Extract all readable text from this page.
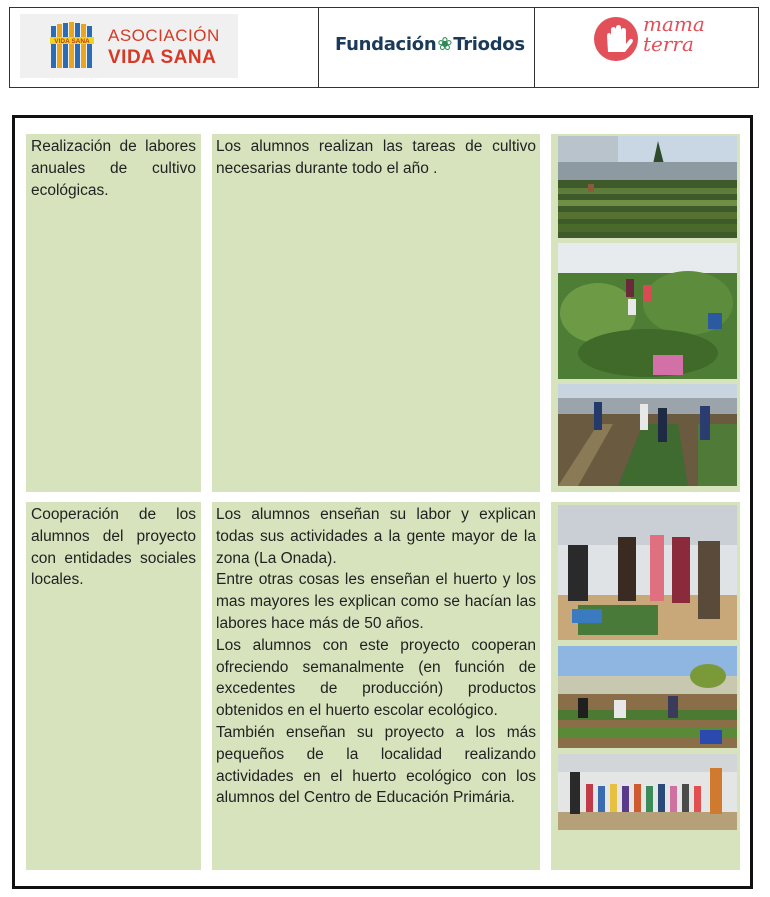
VIDA SANA ASOCIACIÓN
VIDA SANA
Fundación❀Triodos
mama
terra
Realización de labores anuales de cultivo ecológicas.
Los alumnos realizan las tareas de cultivo necesarias durante todo el año .
Cooperación de los alumnos del proyecto con entidades sociales locales.
Los alumnos enseñan su labor y explican todas sus actividades a la gente mayor de la zona (La Onada).
Entre otras cosas les enseñan el huerto y los mas mayores les explican como se hacían las labores hace más de 50 años.
Los alumnos con este proyecto cooperan ofreciendo semanalmente (en función de excedentes de producción) productos obtenidos en el huerto escolar ecológico.
También enseñan su proyecto a los más pequeños de la localidad realizando actividades en el huerto ecológico con los alumnos del Centro de Educación Primária.
